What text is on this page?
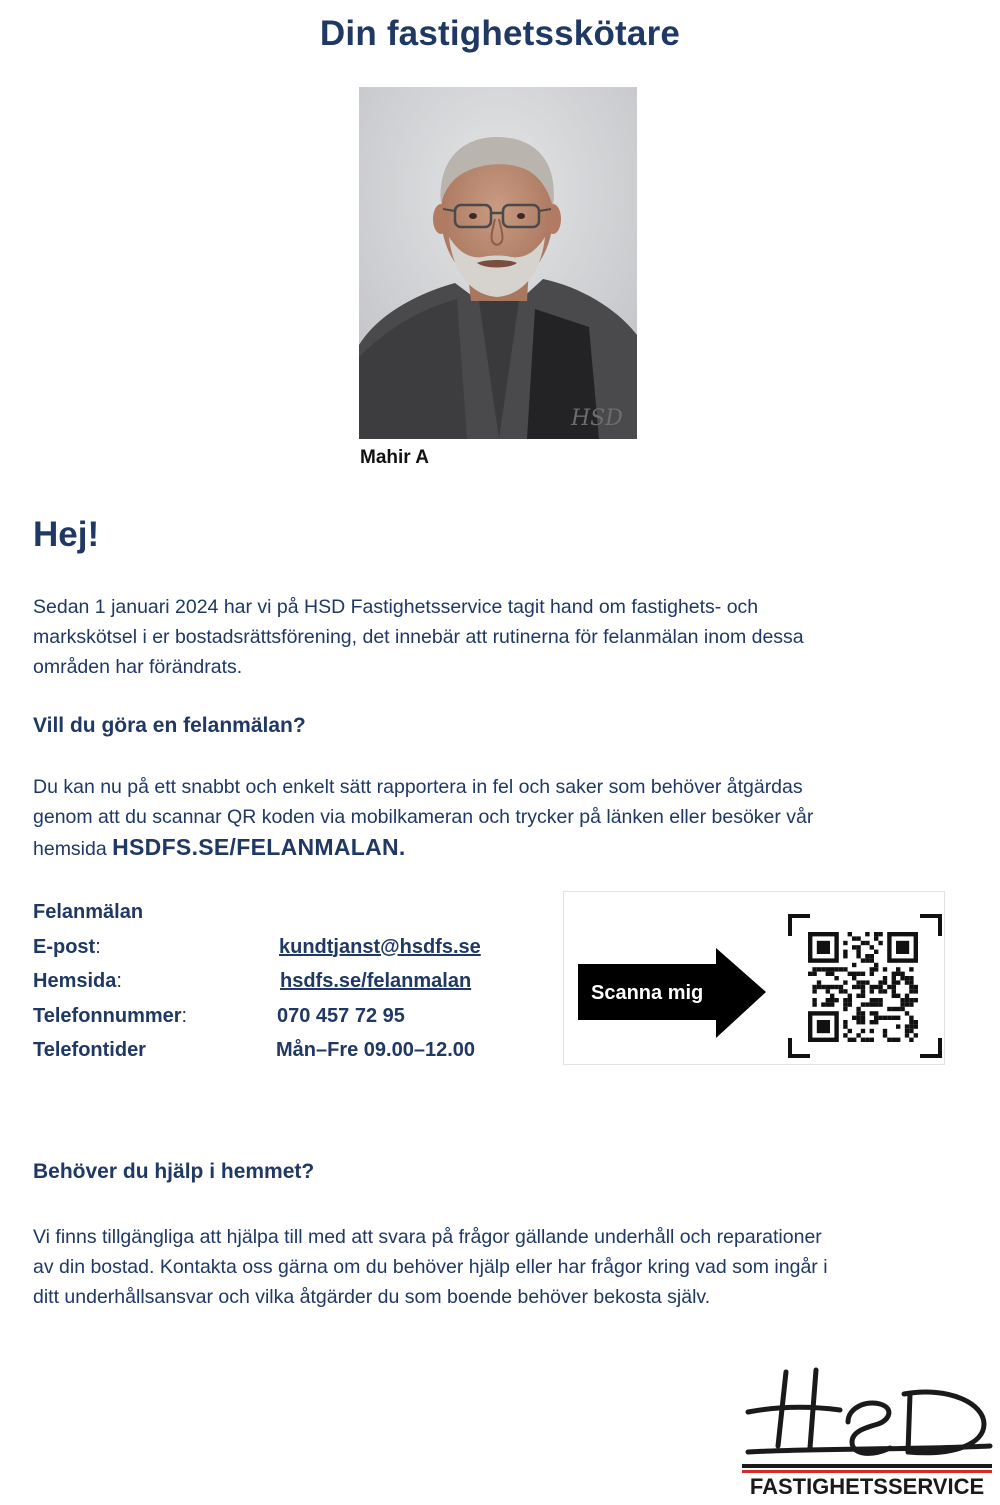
Din fastighetsskötare
HSD
Mahir A
Hej!

Sedan 1 januari 2024 har vi på HSD Fastighetsservice tagit hand om fastighets- och

markskötsel i er bostadsrättsförening, det innebär att rutinerna för felanmälan inom dessa

områden har förändrats.

Vill du göra en felanmälan?

Du kan nu på ett snabbt och enkelt sätt rapportera in fel och saker som behöver åtgärdas

genom att du scannar QR koden via mobilkameran och trycker på länken eller besöker vår

hemsida HSDFS.SE/FELANMALAN.

Felanmälan
E-post:	kundtjanst@hsdfs.se
Hemsida:	hsdfs.se/felanmalan
Telefonnummer:	070 457 72 95
Telefontider	Mån–Fre 09.00–12.00
Scanna mig
Behöver du hjälp i hemmet?

Vi finns tillgängliga att hjälpa till med att svara på frågor gällande underhåll och reparationer

av din bostad. Kontakta oss gärna om du behöver hjälp eller har frågor kring vad som ingår i

ditt underhållsansvar och vilka åtgärder du som boende behöver bekosta själv.

FASTIGHETSSERVICE
